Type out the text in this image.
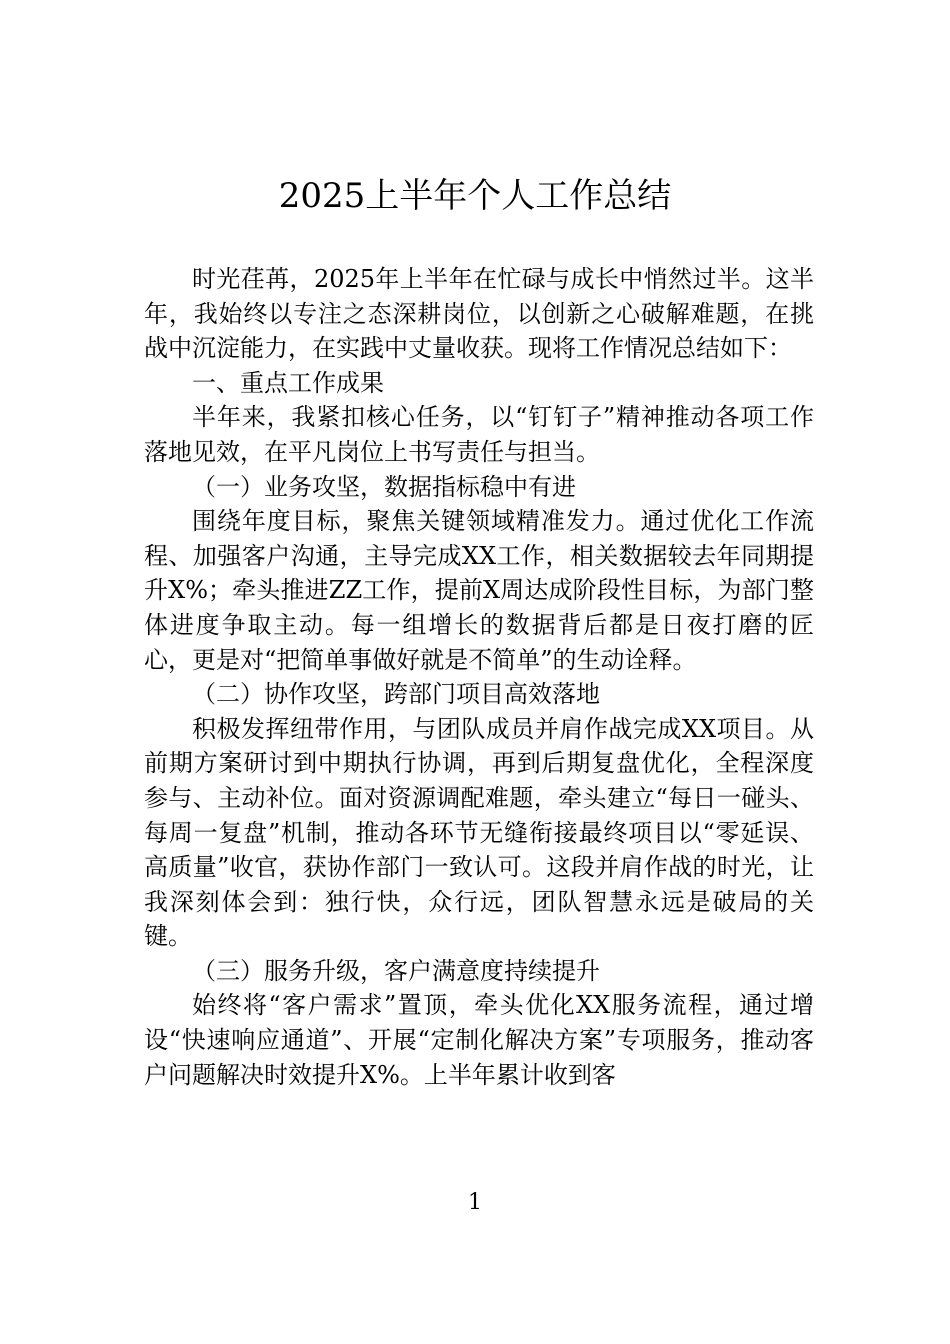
2025上半年个人工作总结

时光荏苒，2025年上半年在忙碌与成长中悄然过半。这半年，我始终以专注之态深耕岗位，以创新之心破解难题，在挑战中沉淀能力，在实践中丈量收获。现将工作情况总结如下：

一、重点工作成果

半年来，我紧扣核心任务，以“钉钉子”精神推动各项工作落地见效，在平凡岗位上书写责任与担当。

（一）业务攻坚，数据指标稳中有进

围绕年度目标，聚焦关键领域精准发力。通过优化工作流程、加强客户沟通，主导完成XX工作，相关数据较去年同期提升X%；牵头推进ZZ工作，提前X周达成阶段性目标，为部门整体进度争取主动。每一组增长的数据背后都是日夜打磨的匠心，更是对“把简单事做好就是不简单”的生动诠释。

（二）协作攻坚，跨部门项目高效落地

积极发挥纽带作用，与团队成员并肩作战完成XX项目。从前期方案研讨到中期执行协调，再到后期复盘优化，全程深度参与、主动补位。面对资源调配难题，牵头建立“每日一碰头、每周一复盘”机制，推动各环节无缝衔接最终项目以“零延误、高质量”收官，获协作部门一致认可。这段并肩作战的时光，让我深刻体会到：独行快，众行远，团队智慧永远是破局的关键。

（三）服务升级，客户满意度持续提升

始终将“客户需求”置顶，牵头优化XX服务流程，通过增设“快速响应通道”、开展“定制化解决方案”专项服务，推动客户问题解决时效提升X%。上半年累计收到客

1
